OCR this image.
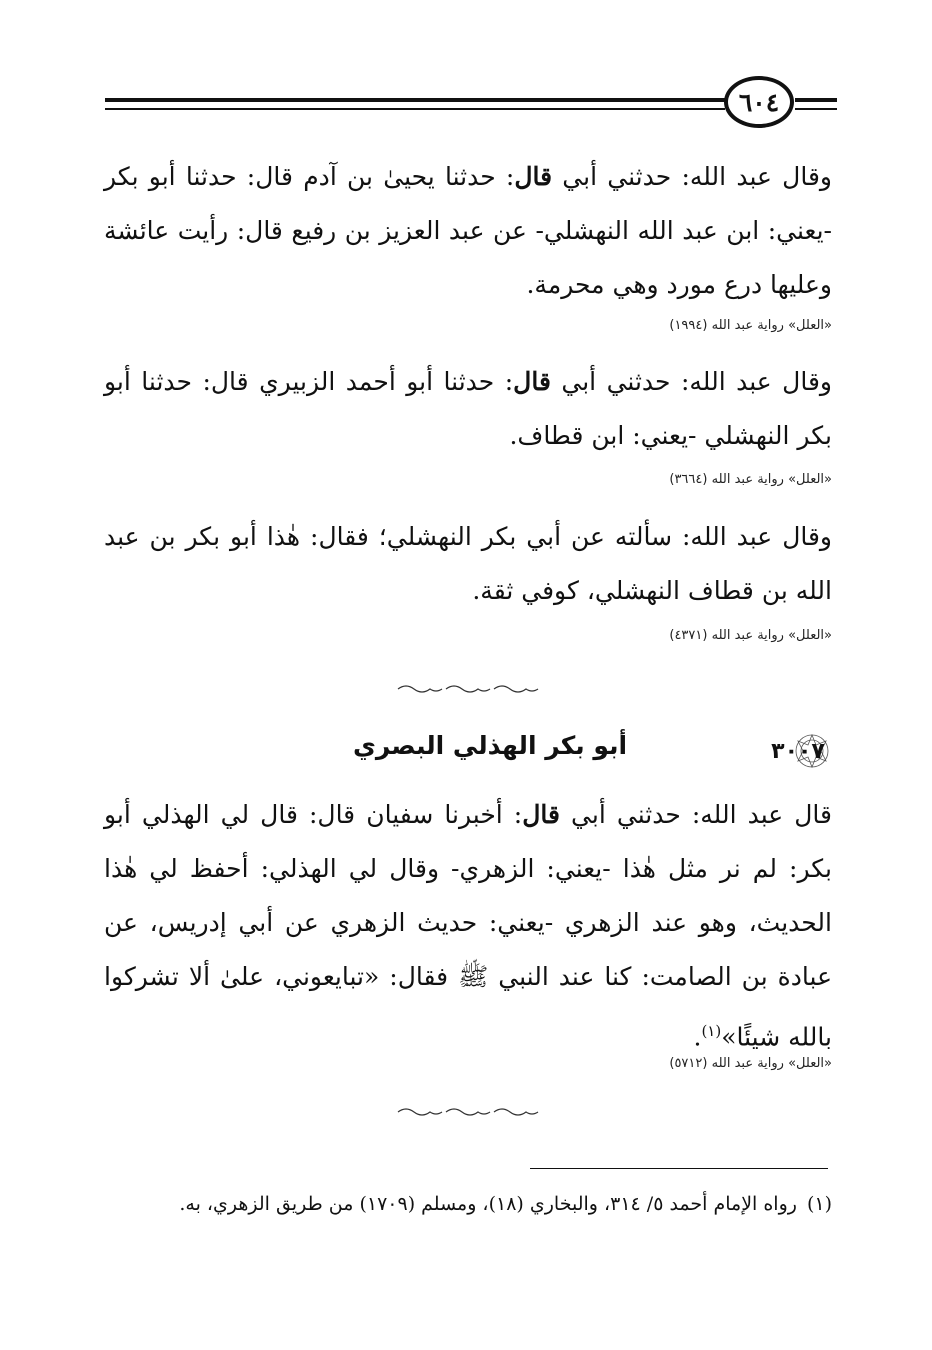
٦٠٤
وقال عبد الله: حدثني أبي قال: حدثنا يحيىٰ بن آدم قال: حدثنا أبو بكر -يعني: ابن عبد الله النهشلي- عن عبد العزيز بن رفيع قال: رأيت عائشة وعليها درع مورد وهي محرمة.
«العلل» رواية عبد الله (١٩٩٤)
وقال عبد الله: حدثني أبي قال: حدثنا أبو أحمد الزبيري قال: حدثنا أبو بكر النهشلي -يعني: ابن قطاف.
«العلل» رواية عبد الله (٣٦٦٤)
وقال عبد الله: سألته عن أبي بكر النهشلي؛ فقال: هٰذا أبو بكر بن عبد الله بن قطاف النهشلي، كوفي ثقة.
«العلل» رواية عبد الله (٤٣٧١)
٣٠٠٧
أبو بكر الهذلي البصري
قال عبد الله: حدثني أبي قال: أخبرنا سفيان قال: قال لي الهذلي أبو بكر: لم نر مثل هٰذا -يعني: الزهري- وقال لي الهذلي: أحفظ لي هٰذا الحديث، وهو عند الزهري -يعني: حديث الزهري عن أبي إدريس، عن عبادة بن الصامت: كنا عند النبي ﷺ فقال: «تبايعوني، علىٰ ألا تشركوا بالله شيئًا»$^{(١)}$.
«العلل» رواية عبد الله (٥٧١٢)
(١)رواه الإمام أحمد ٥/ ٣١٤، والبخاري (١٨)، ومسلم (١٧٠٩) من طريق الزهري، به.
